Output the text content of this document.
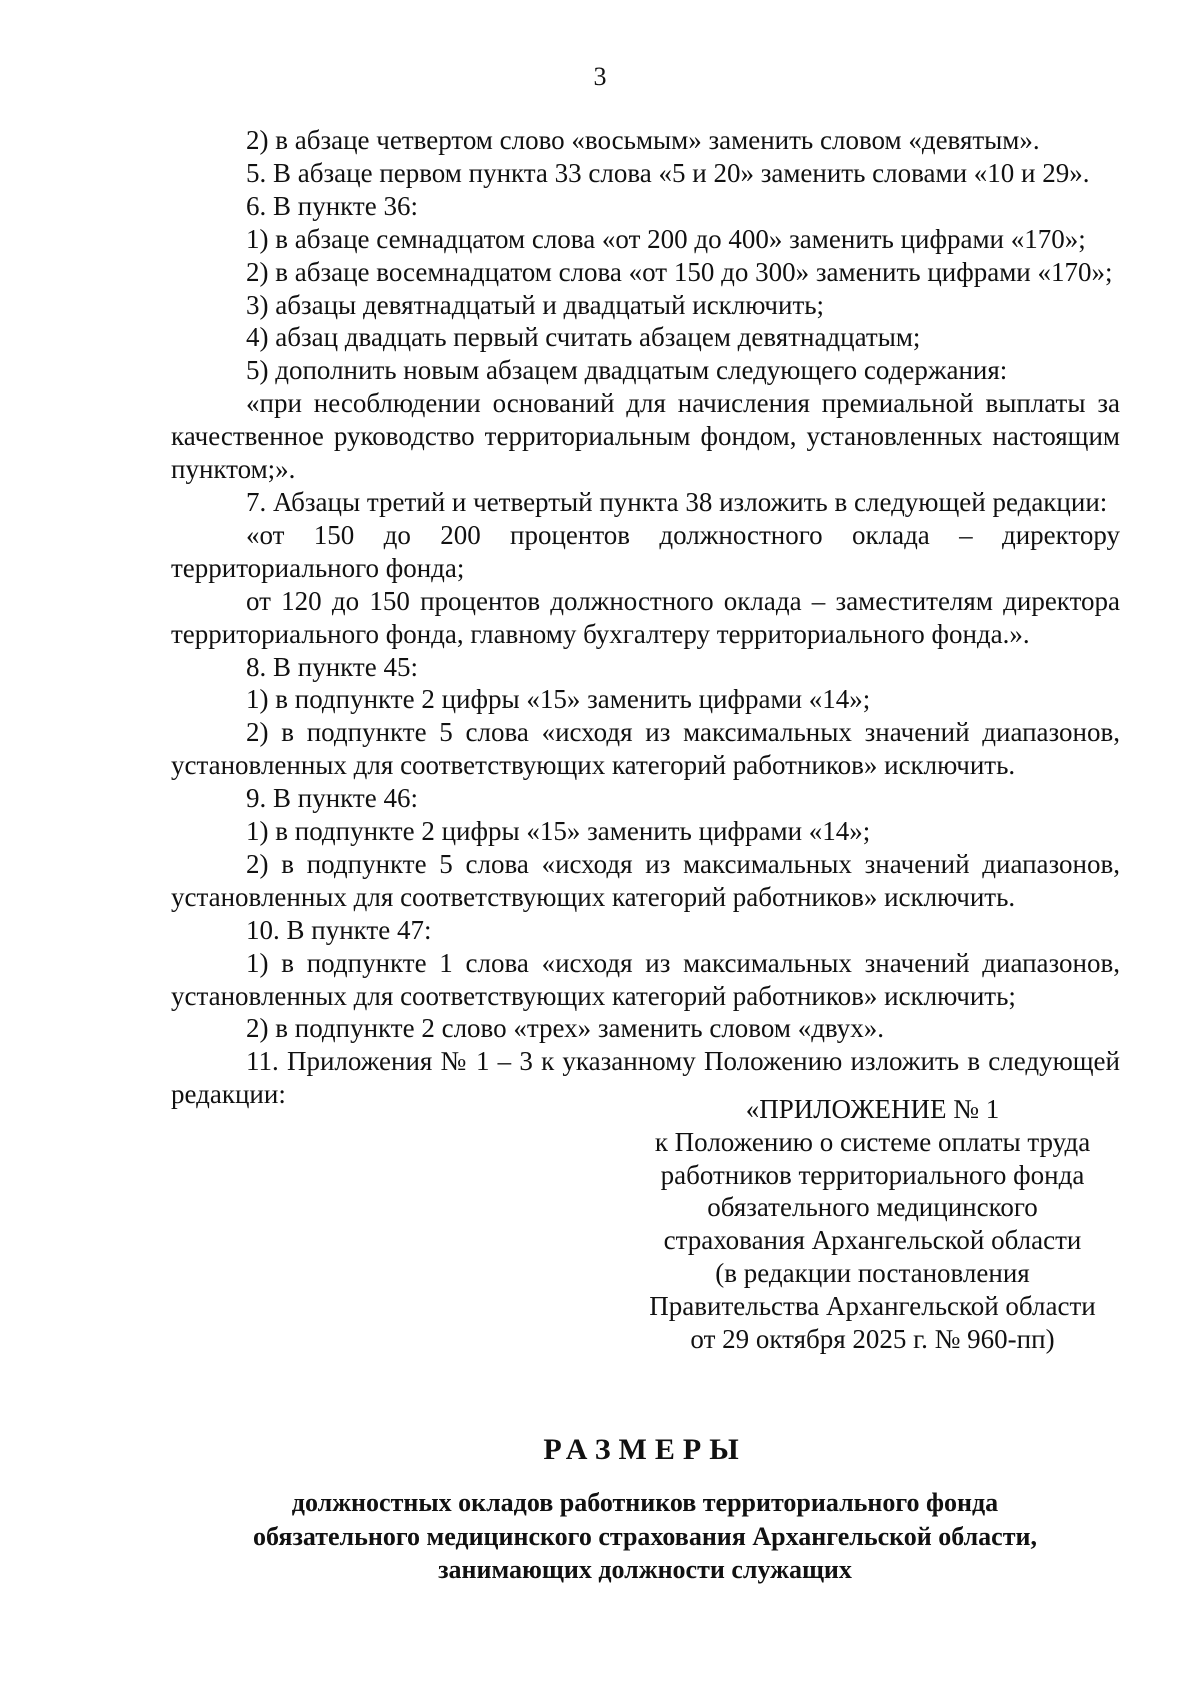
3

2) в абзаце четвертом слово «восьмым» заменить словом «девятым».

5. В абзаце первом пункта 33 слова «5 и 20» заменить словами «10 и 29».

6. В пункте 36:

1) в абзаце семнадцатом слова «от 200 до 400» заменить цифрами «170»;

2) в абзаце восемнадцатом слова «от 150 до 300» заменить цифрами «170»;

3) абзацы девятнадцатый и двадцатый исключить;

4) абзац двадцать первый считать абзацем девятнадцатым;

5) дополнить новым абзацем двадцатым следующего содержания:

«при несоблюдении оснований для начисления премиальной выплаты за качественное руководство территориальным фондом, установленных настоящим пунктом;».

7. Абзацы третий и четвертый пункта 38 изложить в следующей редакции:

«от 150 до 200 процентов должностного оклада – директору территориального фонда;

от 120 до 150 процентов должностного оклада – заместителям директора территориального фонда, главному бухгалтеру территориального фонда.».

8. В пункте 45:

1) в подпункте 2 цифры «15» заменить цифрами «14»;

2) в подпункте 5 слова «исходя из максимальных значений диапазонов, установленных для соответствующих категорий работников» исключить.

9. В пункте 46:

1) в подпункте 2 цифры «15» заменить цифрами «14»;

2) в подпункте 5 слова «исходя из максимальных значений диапазонов, установленных для соответствующих категорий работников» исключить.

10. В пункте 47:

1) в подпункте 1 слова «исходя из максимальных значений диапазонов, установленных для соответствующих категорий работников» исключить;

2) в подпункте 2 слово «трех» заменить словом «двух».

11. Приложения № 1 – 3 к указанному Положению изложить в следующей редакции:	«ПРИЛОЖЕНИЕ № 1
к Положению о системе оплаты труда
работников территориального фонда
обязательного медицинского
страхования Архангельской области
(в редакции постановления
Правительства Архангельской области
от 29 октября 2025 г. № 960-пп)
РАЗМЕРЫ
должностных окладов работников территориального фонда
обязательного медицинского страхования Архангельской области,
занимающих должности служащих
